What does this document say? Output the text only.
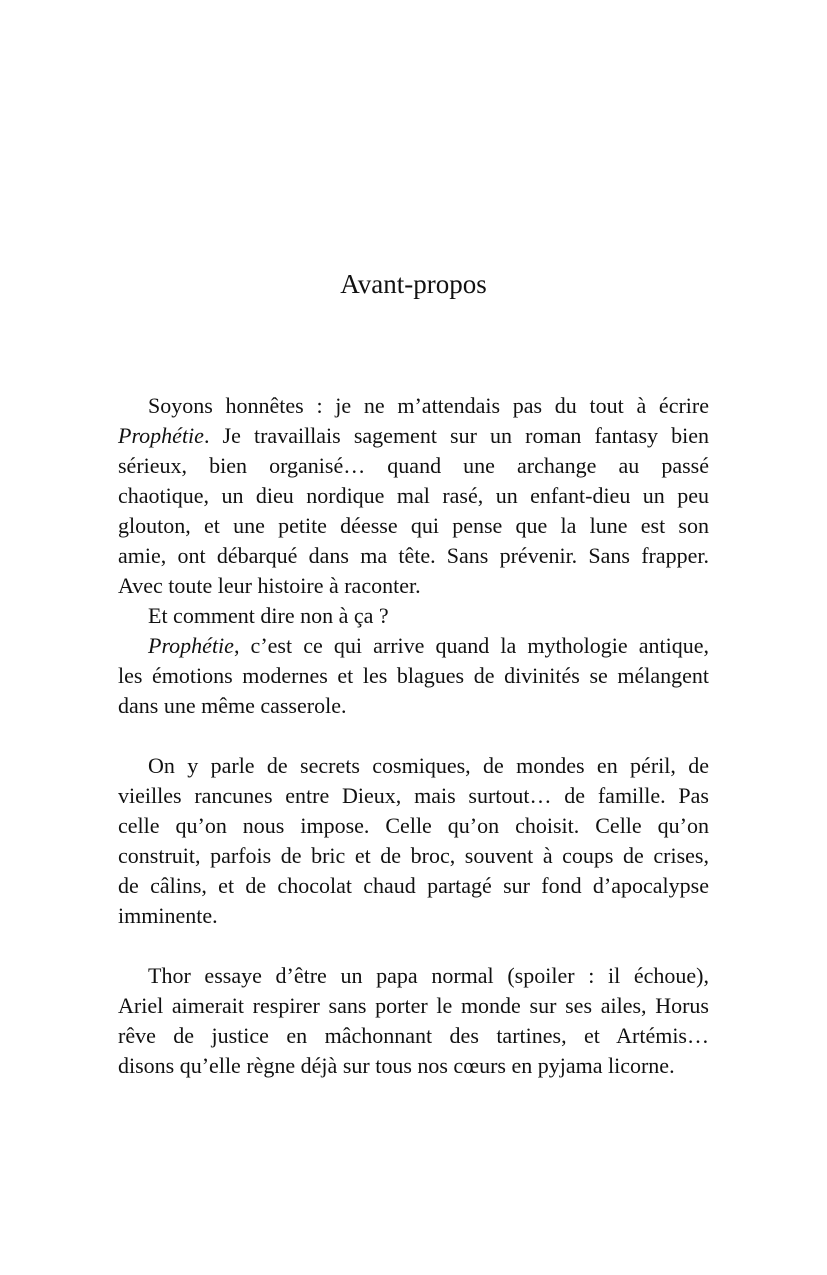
Avant-propos
Soyons honnêtes : je ne m’attendais pas du tout à écrire
Prophétie. Je travaillais sagement sur un roman fantasy bien
sérieux, bien organisé… quand une archange au passé
chaotique, un dieu nordique mal rasé, un enfant-dieu un peu
glouton, et une petite déesse qui pense que la lune est son
amie, ont débarqué dans ma tête. Sans prévenir. Sans frapper.
Avec toute leur histoire à raconter.
Et comment dire non à ça ?
Prophétie, c’est ce qui arrive quand la mythologie antique,
les émotions modernes et les blagues de divinités se mélangent
dans une même casserole.
On y parle de secrets cosmiques, de mondes en péril, de
vieilles rancunes entre Dieux, mais surtout… de famille. Pas
celle qu’on nous impose. Celle qu’on choisit. Celle qu’on
construit, parfois de bric et de broc, souvent à coups de crises,
de câlins, et de chocolat chaud partagé sur fond d’apocalypse
imminente.
Thor essaye d’être un papa normal (spoiler : il échoue),
Ariel aimerait respirer sans porter le monde sur ses ailes, Horus
rêve de justice en mâchonnant des tartines, et Artémis…
disons qu’elle règne déjà sur tous nos cœurs en pyjama licorne.
